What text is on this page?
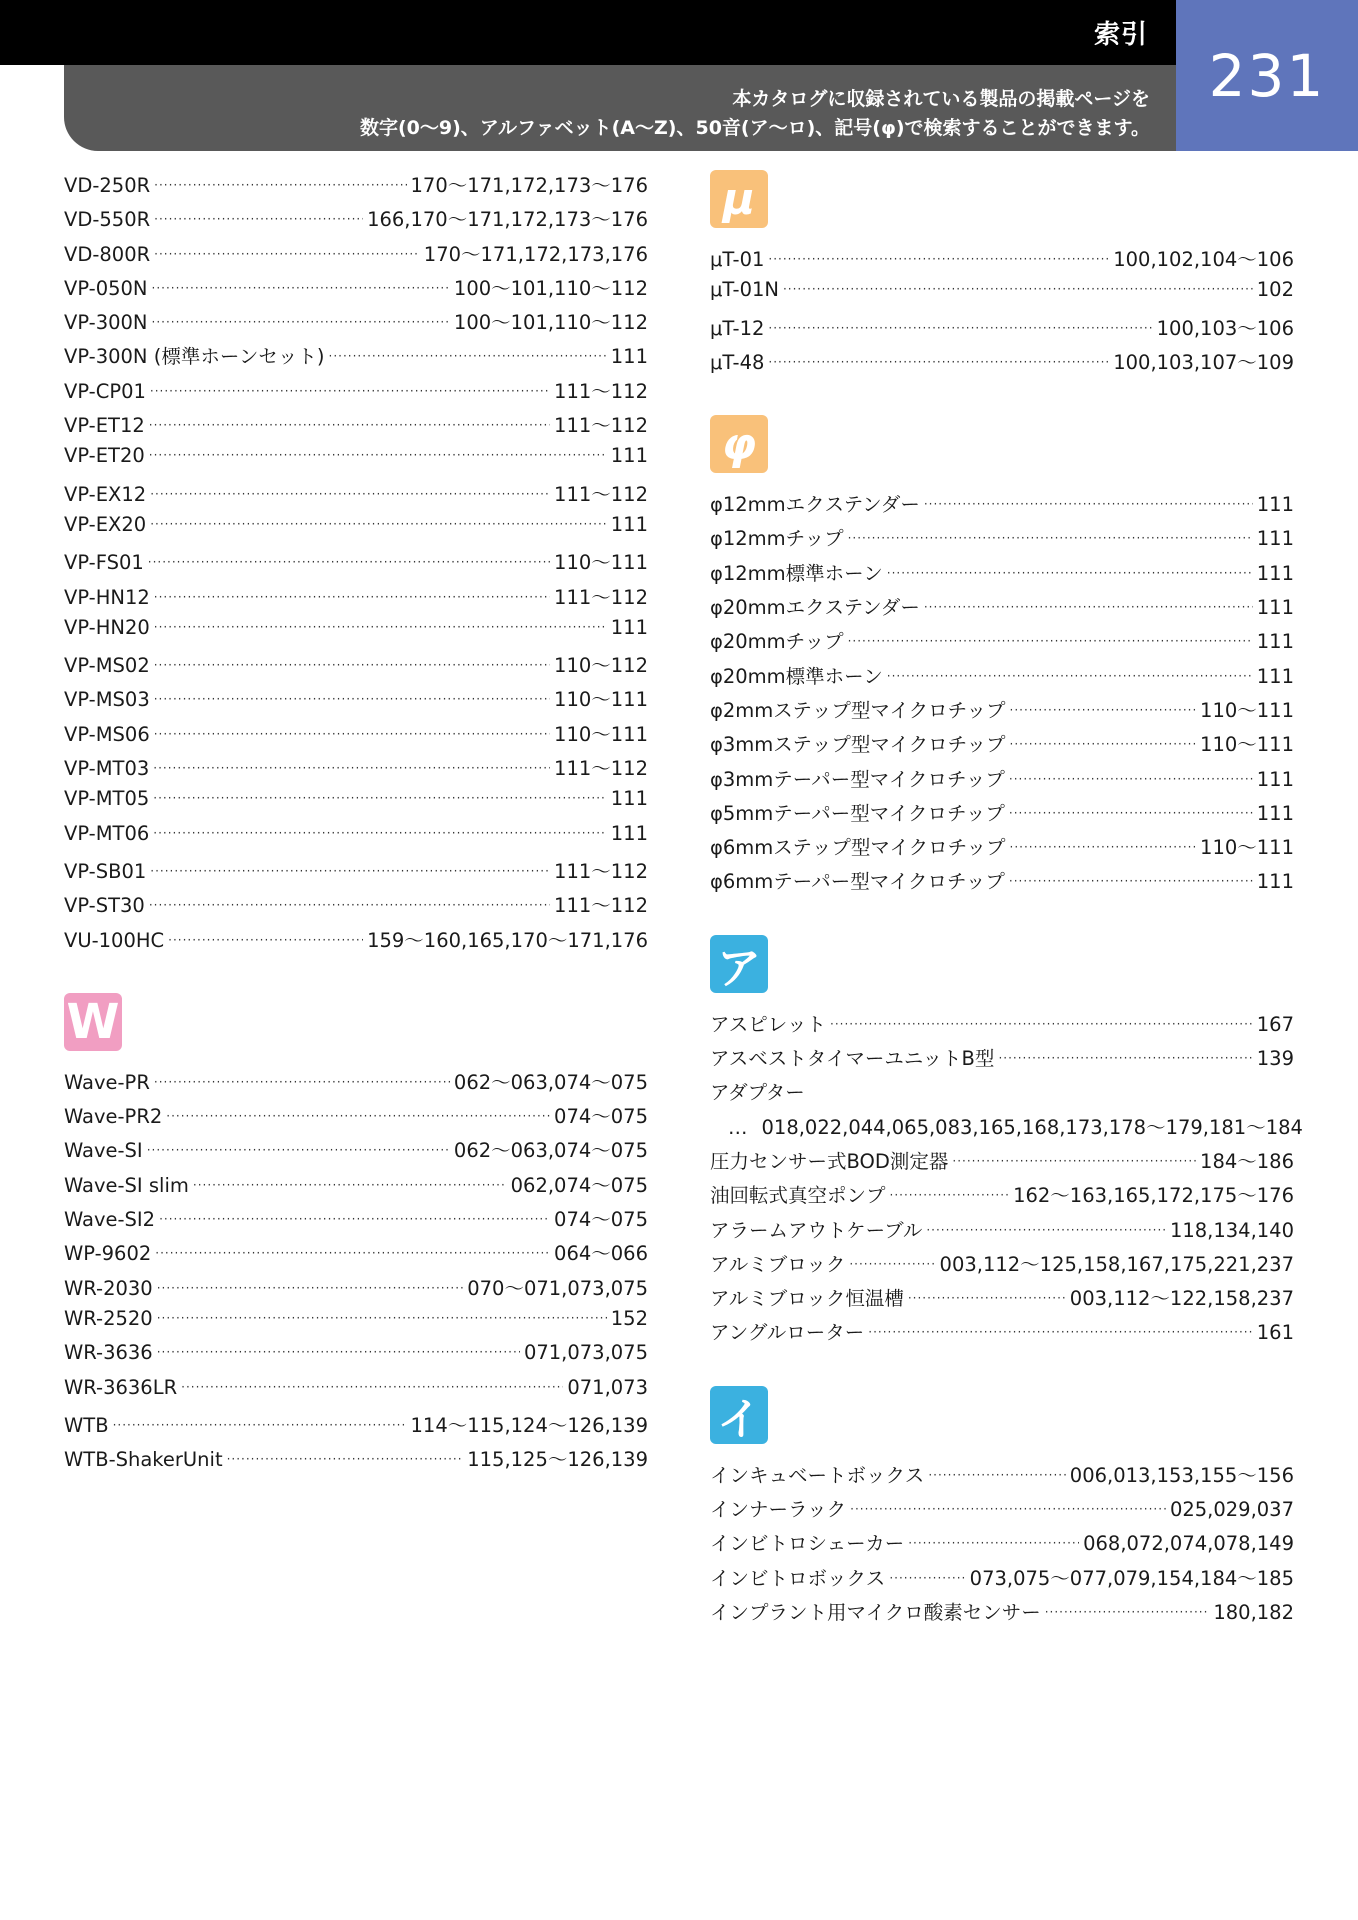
索引
本カタログに収録されている製品の掲載ページを
数字(0〜9)、アルファベット(A〜Z)、50音(ア〜ロ)、記号(φ)で検索することができます。
231
VD-250R ·····	170〜171,172,173〜176
VD-550R ·····	166,170〜171,172,173〜176
VD-800R ·····	170〜171,172,173,176
VP-050N ·····	100〜101,110〜112
VP-300N ·····	100〜101,110〜112
VP-300N (標準ホーンセット) ·····	111
VP-CP01 ·····	111〜112
VP-ET12 ·····	111〜112
VP-ET20 ·····	111
VP-EX12 ·····	111〜112
VP-EX20 ·····	111
VP-FS01 ·····	110〜111
VP-HN12 ·····	111〜112
VP-HN20 ·····	111
VP-MS02 ·····	110〜112
VP-MS03 ·····	110〜111
VP-MS06 ·····	110〜111
VP-MT03 ·····	111〜112
VP-MT05 ·····	111
VP-MT06 ·····	111
VP-SB01 ·····	111〜112
VP-ST30 ·····	111〜112
VU-100HC ·····	159〜160,165,170〜171,176
W
Wave-PR ·····	062〜063,074〜075
Wave-PR2 ·····	074〜075
Wave-SI ·····	062〜063,074〜075
Wave-SI slim ·····	062,074〜075
Wave-SI2 ·····	074〜075
WP-9602 ·····	064〜066
WR-2030 ·····	070〜071,073,075
WR-2520 ·····	152
WR-3636 ·····	071,073,075
WR-3636LR ·····	071,073
WTB ·····	114〜115,124〜126,139
WTB-ShakerUnit ·····	115,125〜126,139
μ
μT-01 ·····	100,102,104〜106
μT-01N ·····	102
μT-12 ·····	100,103〜106
μT-48 ·····	100,103,107〜109
φ
φ12mmエクステンダー ·····	111
φ12mmチップ ·····	111
φ12mm標準ホーン ·····	111
φ20mmエクステンダー ·····	111
φ20mmチップ ·····	111
φ20mm標準ホーン ·····	111
φ2mmステップ型マイクロチップ ·····	110〜111
φ3mmステップ型マイクロチップ ·····	110〜111
φ3mmテーパー型マイクロチップ ·····	111
φ5mmテーパー型マイクロチップ ·····	111
φ6mmステップ型マイクロチップ ·····	110〜111
φ6mmテーパー型マイクロチップ ·····	111
ア
アスピレット ·····	167
アスベストタイマーユニットB型 ·····	139
アダプター
… 018,022,044,065,083,165,168,173,178〜179,181〜184
圧力センサー式BOD測定器 ·····	184〜186
油回転式真空ポンプ ·····	162〜163,165,172,175〜176
アラームアウトケーブル ·····	118,134,140
アルミブロック ·····	003,112〜125,158,167,175,221,237
アルミブロック恒温槽 ·····	003,112〜122,158,237
アングルローター ·····	161
イ
インキュベートボックス ·····	006,013,153,155〜156
インナーラック ·····	025,029,037
インビトロシェーカー ·····	068,072,074,078,149
インビトロボックス ·····	073,075〜077,079,154,184〜185
インプラント用マイクロ酸素センサー ·····	180,182
